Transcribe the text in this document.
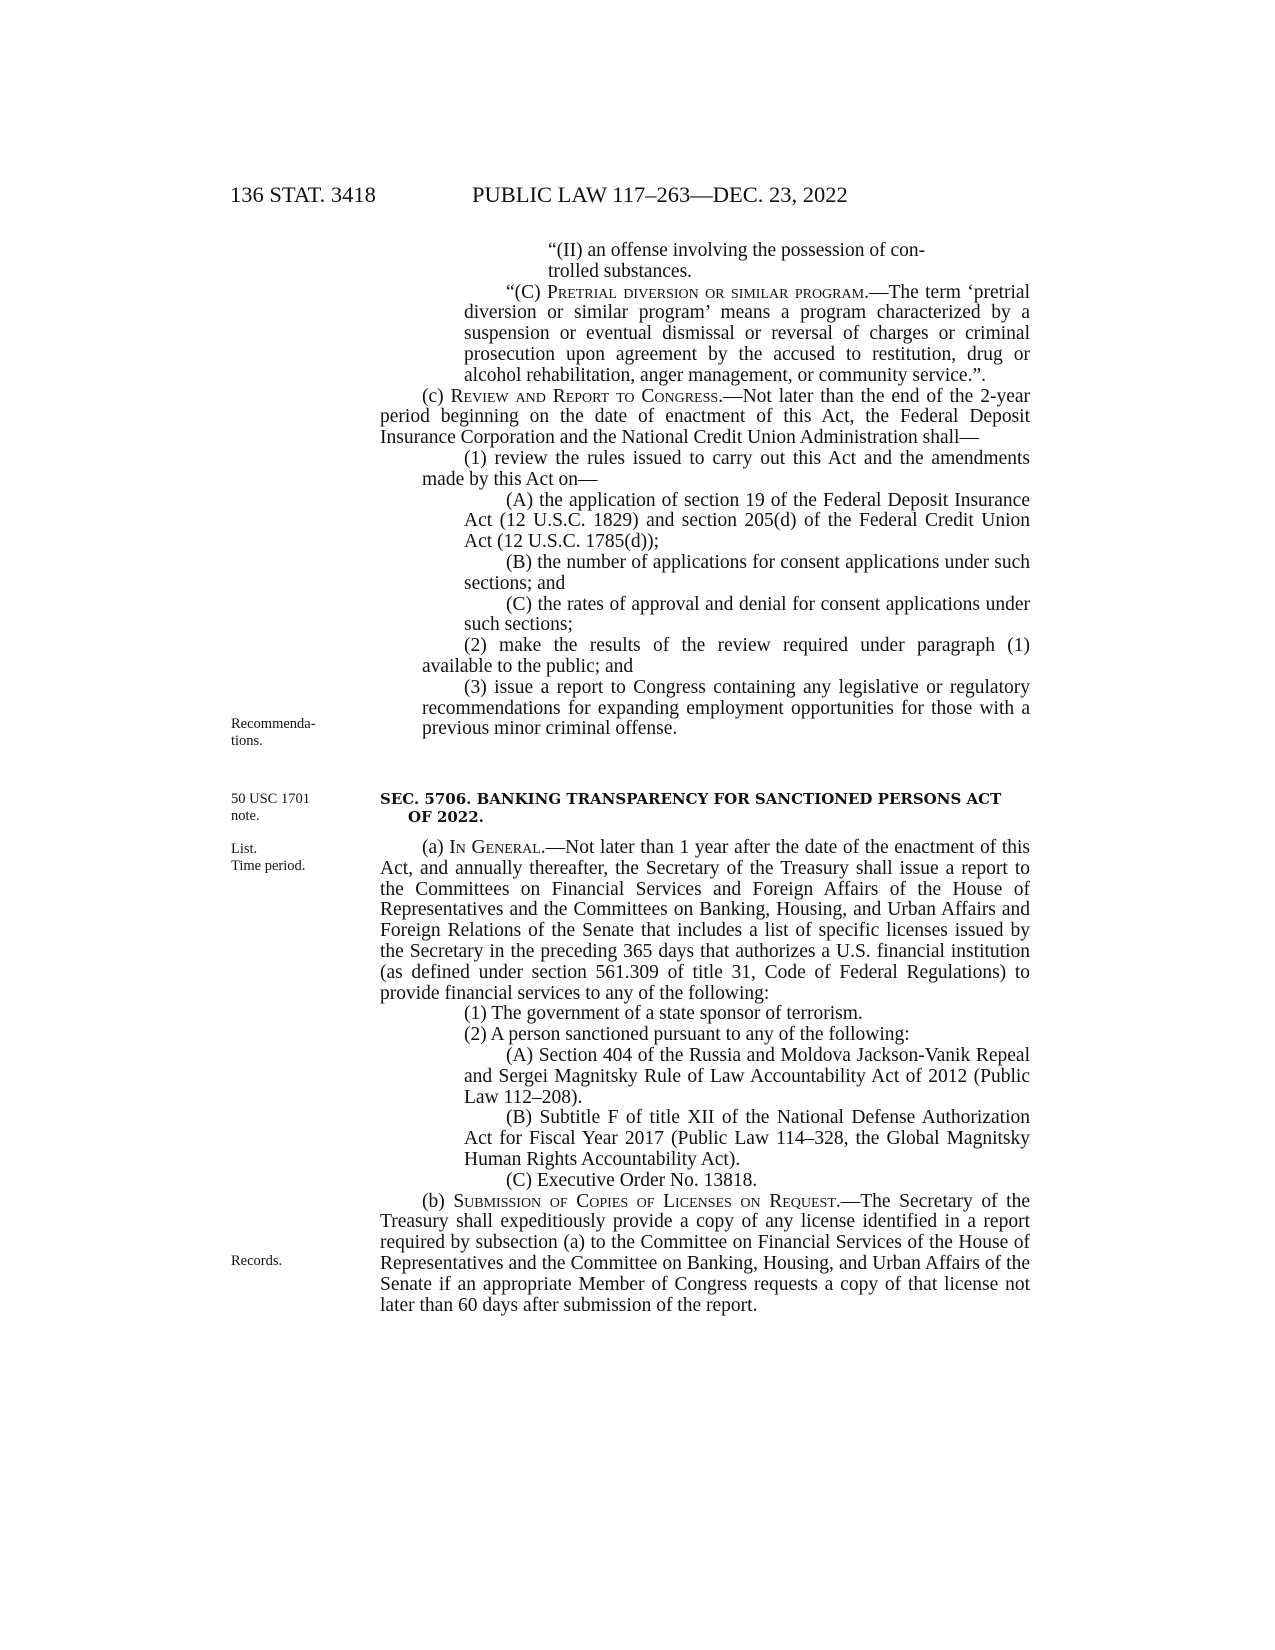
136 STAT. 3418	PUBLIC LAW 117–263—DEC. 23, 2022
Recommenda-
tions.
50 USC 1701
note.
List.
Time period.
Records.
“(II) an offense involving the possession of con-
trolled substances.
“(C) Pretrial diversion or similar program.—The term ‘pretrial diversion or similar program’ means a program characterized by a suspension or eventual dismissal or reversal of charges or criminal prosecution upon agreement by the accused to restitution, drug or alcohol rehabilitation, anger management, or community service.”.
(c) Review and Report to Congress.—Not later than the end of the 2-year period beginning on the date of enactment of this Act, the Federal Deposit Insurance Corporation and the National Credit Union Administration shall—
(1) review the rules issued to carry out this Act and the amendments made by this Act on—
(A) the application of section 19 of the Federal Deposit Insurance Act (12 U.S.C. 1829) and section 205(d) of the Federal Credit Union Act (12 U.S.C. 1785(d));
(B) the number of applications for consent applications under such sections; and
(C) the rates of approval and denial for consent applications under such sections;
(2) make the results of the review required under paragraph (1) available to the public; and
(3) issue a report to Congress containing any legislative or regulatory recommendations for expanding employment opportunities for those with a previous minor criminal offense.
SEC. 5706. BANKING TRANSPARENCY FOR SANCTIONED PERSONS ACT OF 2022.
(a) In General.—Not later than 1 year after the date of the enactment of this Act, and annually thereafter, the Secretary of the Treasury shall issue a report to the Committees on Financial Services and Foreign Affairs of the House of Representatives and the Committees on Banking, Housing, and Urban Affairs and Foreign Relations of the Senate that includes a list of specific licenses issued by the Secretary in the preceding 365 days that authorizes a U.S. financial institution (as defined under section 561.309 of title 31, Code of Federal Regulations) to provide financial services to any of the following:
(1) The government of a state sponsor of terrorism.
(2) A person sanctioned pursuant to any of the following:
(A) Section 404 of the Russia and Moldova Jackson-Vanik Repeal and Sergei Magnitsky Rule of Law Accountability Act of 2012 (Public Law 112–208).
(B) Subtitle F of title XII of the National Defense Authorization Act for Fiscal Year 2017 (Public Law 114–328, the Global Magnitsky Human Rights Accountability Act).
(C) Executive Order No. 13818.
(b) Submission of Copies of Licenses on Request.—The Secretary of the Treasury shall expeditiously provide a copy of any license identified in a report required by subsection (a) to the Committee on Financial Services of the House of Representatives and the Committee on Banking, Housing, and Urban Affairs of the Senate if an appropriate Member of Congress requests a copy of that license not later than 60 days after submission of the report.
